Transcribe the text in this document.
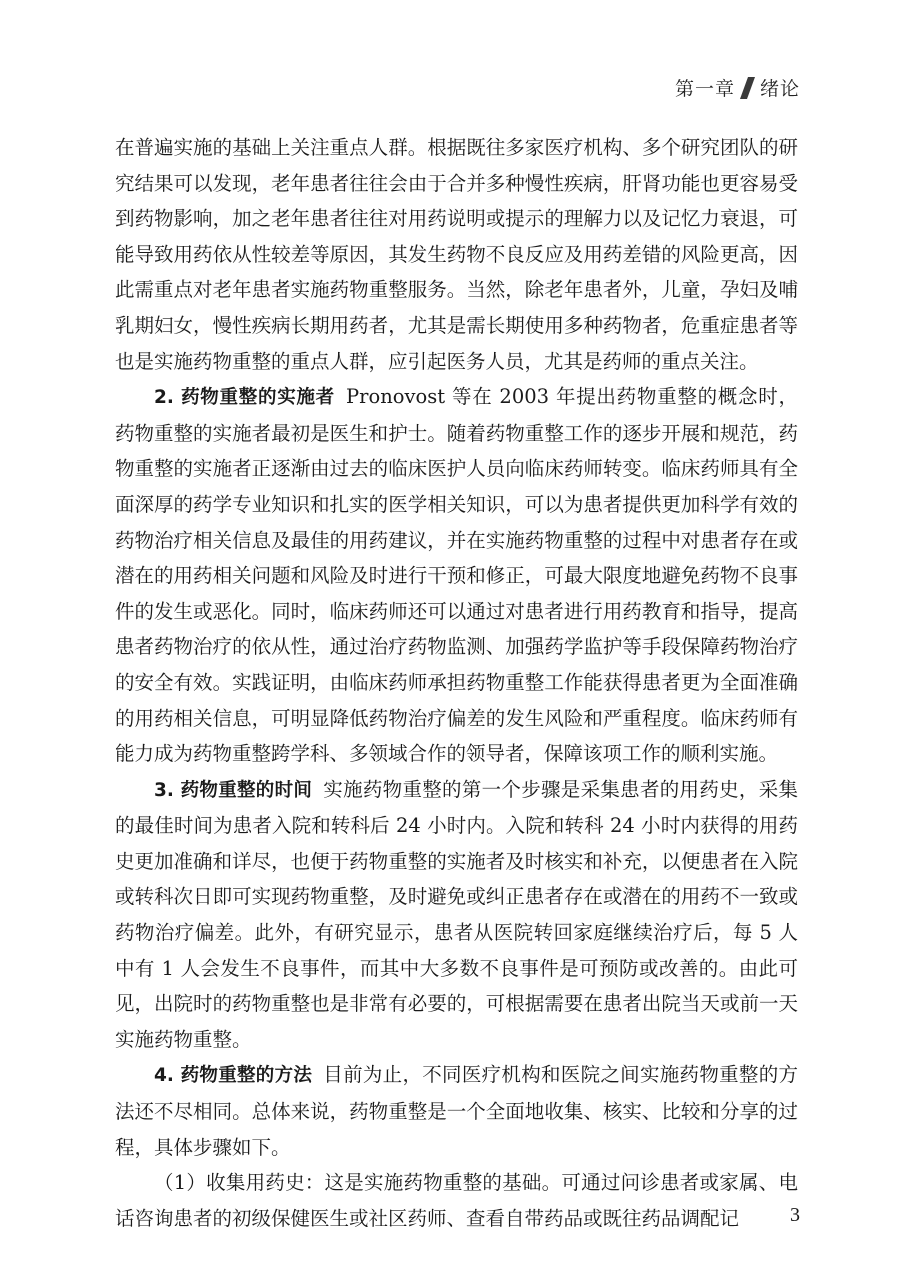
第一章 绪论

在普遍实施的基础上关注重点人群。根据既往多家医疗机构、多个研究团队的研究结果可以发现，老年患者往往会由于合并多种慢性疾病，肝肾功能也更容易受到药物影响，加之老年患者往往对用药说明或提示的理解力以及记忆力衰退，可能导致用药依从性较差等原因，其发生药物不良反应及用药差错的风险更高，因此需重点对老年患者实施药物重整服务。当然，除老年患者外，儿童，孕妇及哺乳期妇女，慢性疾病长期用药者，尤其是需长期使用多种药物者，危重症患者等也是实施药物重整的重点人群，应引起医务人员，尤其是药师的重点关注。

2. 药物重整的实施者 Pronovost 等在 2003 年提出药物重整的概念时，药物重整的实施者最初是医生和护士。随着药物重整工作的逐步开展和规范，药物重整的实施者正逐渐由过去的临床医护人员向临床药师转变。临床药师具有全面深厚的药学专业知识和扎实的医学相关知识，可以为患者提供更加科学有效的药物治疗相关信息及最佳的用药建议，并在实施药物重整的过程中对患者存在或潜在的用药相关问题和风险及时进行干预和修正，可最大限度地避免药物不良事件的发生或恶化。同时，临床药师还可以通过对患者进行用药教育和指导，提高患者药物治疗的依从性，通过治疗药物监测、加强药学监护等手段保障药物治疗的安全有效。实践证明，由临床药师承担药物重整工作能获得患者更为全面准确的用药相关信息，可明显降低药物治疗偏差的发生风险和严重程度。临床药师有能力成为药物重整跨学科、多领域合作的领导者，保障该项工作的顺利实施。

3. 药物重整的时间 实施药物重整的第一个步骤是采集患者的用药史，采集的最佳时间为患者入院和转科后 24 小时内。入院和转科 24 小时内获得的用药史更加准确和详尽，也便于药物重整的实施者及时核实和补充，以便患者在入院或转科次日即可实现药物重整，及时避免或纠正患者存在或潜在的用药不一致或药物治疗偏差。此外，有研究显示，患者从医院转回家庭继续治疗后，每 5 人中有 1 人会发生不良事件，而其中大多数不良事件是可预防或改善的。由此可见，出院时的药物重整也是非常有必要的，可根据需要在患者出院当天或前一天实施药物重整。

4. 药物重整的方法 目前为止，不同医疗机构和医院之间实施药物重整的方法还不尽相同。总体来说，药物重整是一个全面地收集、核实、比较和分享的过程，具体步骤如下。

（1）收集用药史：这是实施药物重整的基础。可通过问诊患者或家属、电话咨询患者的初级保健医生或社区药师、查看自带药品或既往药品调配记	3
